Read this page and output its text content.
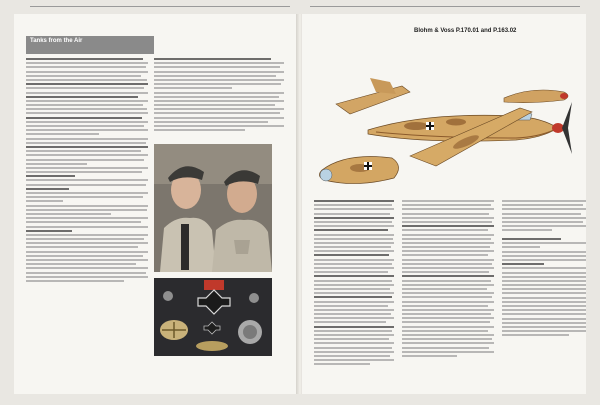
Tanks from the Air
Blohm & Voss P.170.01 and P.163.02
